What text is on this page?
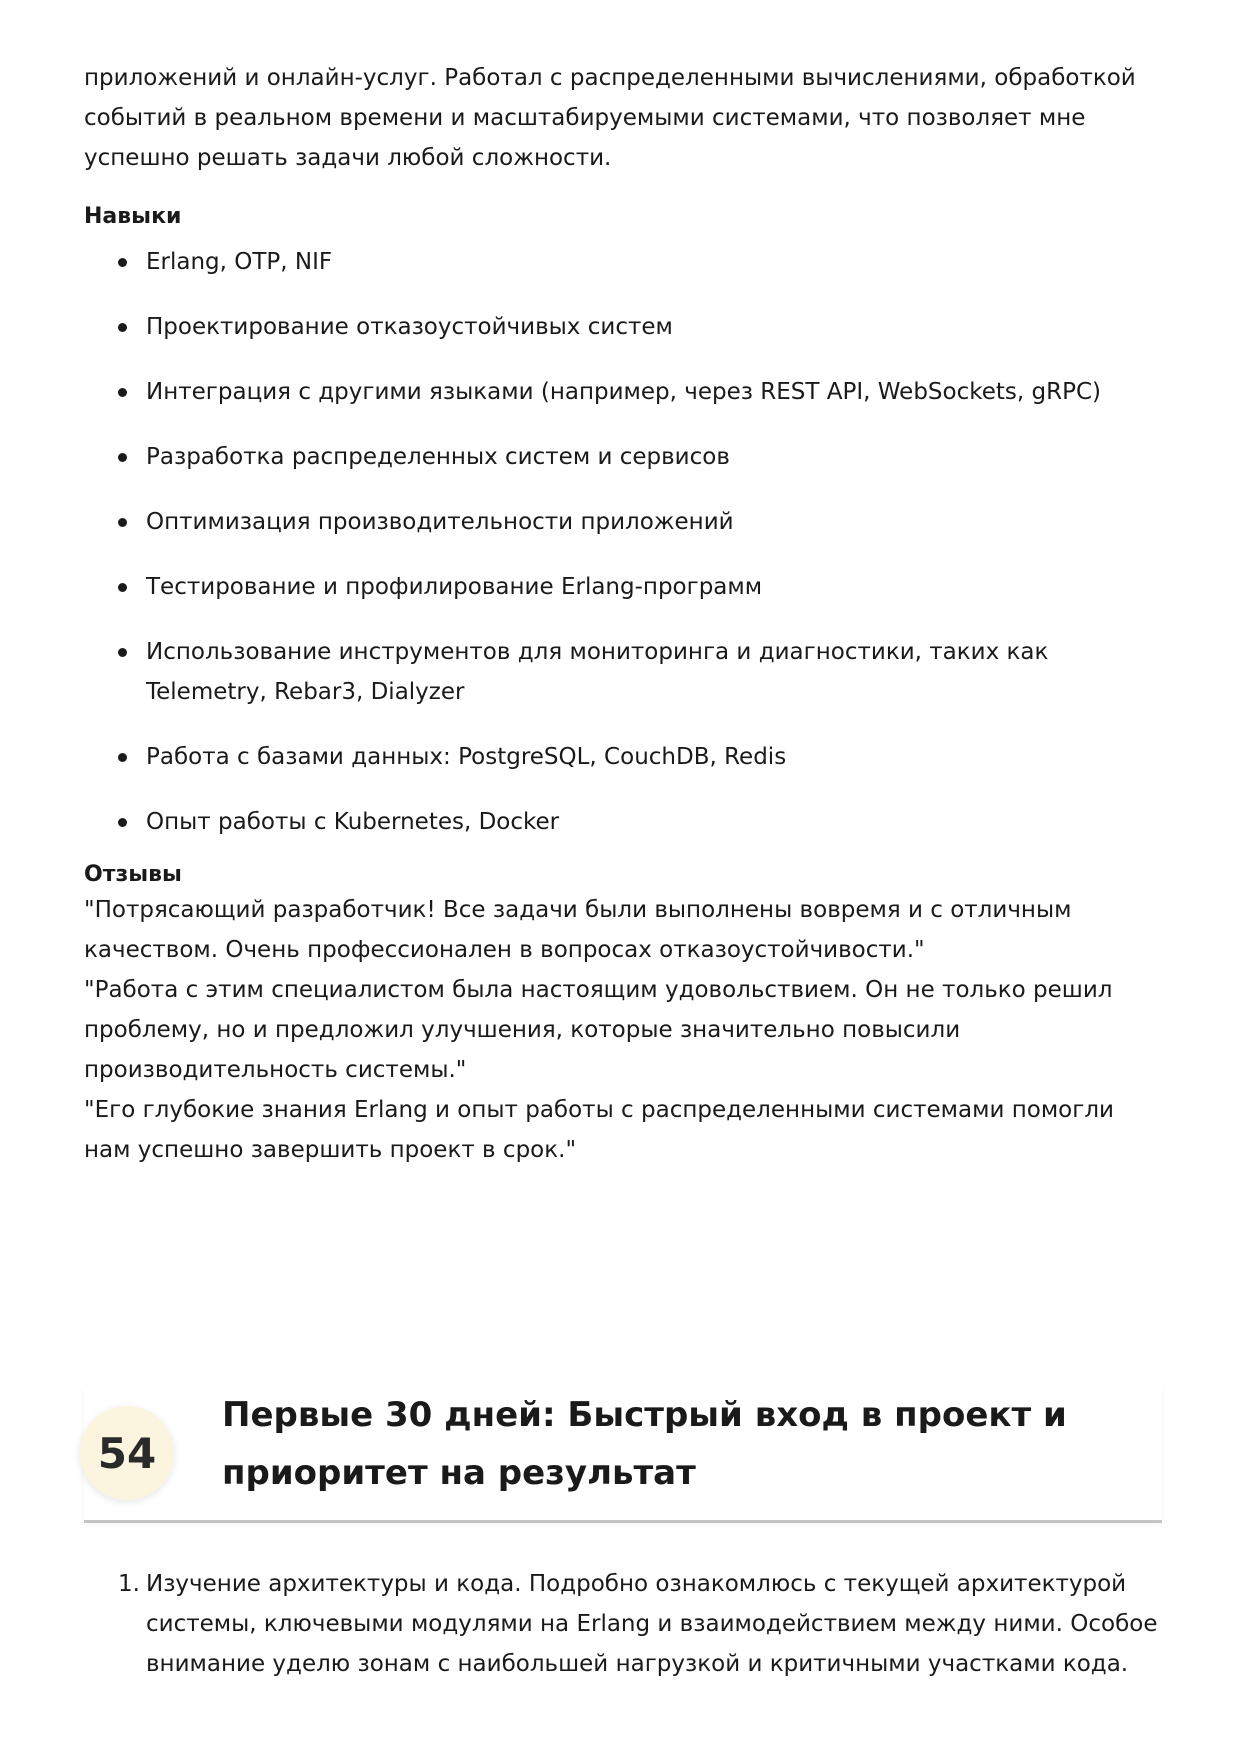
приложений и онлайн-услуг. Работал с распределенными вычислениями, обработкой событий в реальном времени и масштабируемыми системами, что позволяет мне успешно решать задачи любой сложности.

Навыки
Erlang, OTP, NIF
Проектирование отказоустойчивых систем
Интеграция с другими языками (например, через REST API, WebSockets, gRPC)
Разработка распределенных систем и сервисов
Оптимизация производительности приложений
Тестирование и профилирование Erlang-программ
Использование инструментов для мониторинга и диагностики, таких как Telemetry, Rebar3, Dialyzer
Работа с базами данных: PostgreSQL, CouchDB, Redis
Опыт работы с Kubernetes, Docker
Отзывы

"Потрясающий разработчик! Все задачи были выполнены вовремя и с отличным качеством. Очень профессионален в вопросах отказоустойчивости."

"Работа с этим специалистом была настоящим удовольствием. Он не только решил проблему, но и предложил улучшения, которые значительно повысили производительность системы."

"Его глубокие знания Erlang и опыт работы с распределенными системами помогли нам успешно завершить проект в срок."

54
Первые 30 дней: Быстрый вход в проект и приоритет на результат
1. Изучение архитектуры и кода. Подробно ознакомлюсь с текущей архитектурой системы, ключевыми модулями на Erlang и взаимодействием между ними. Особое внимание уделю зонам с наибольшей нагрузкой и критичными участками кода.
